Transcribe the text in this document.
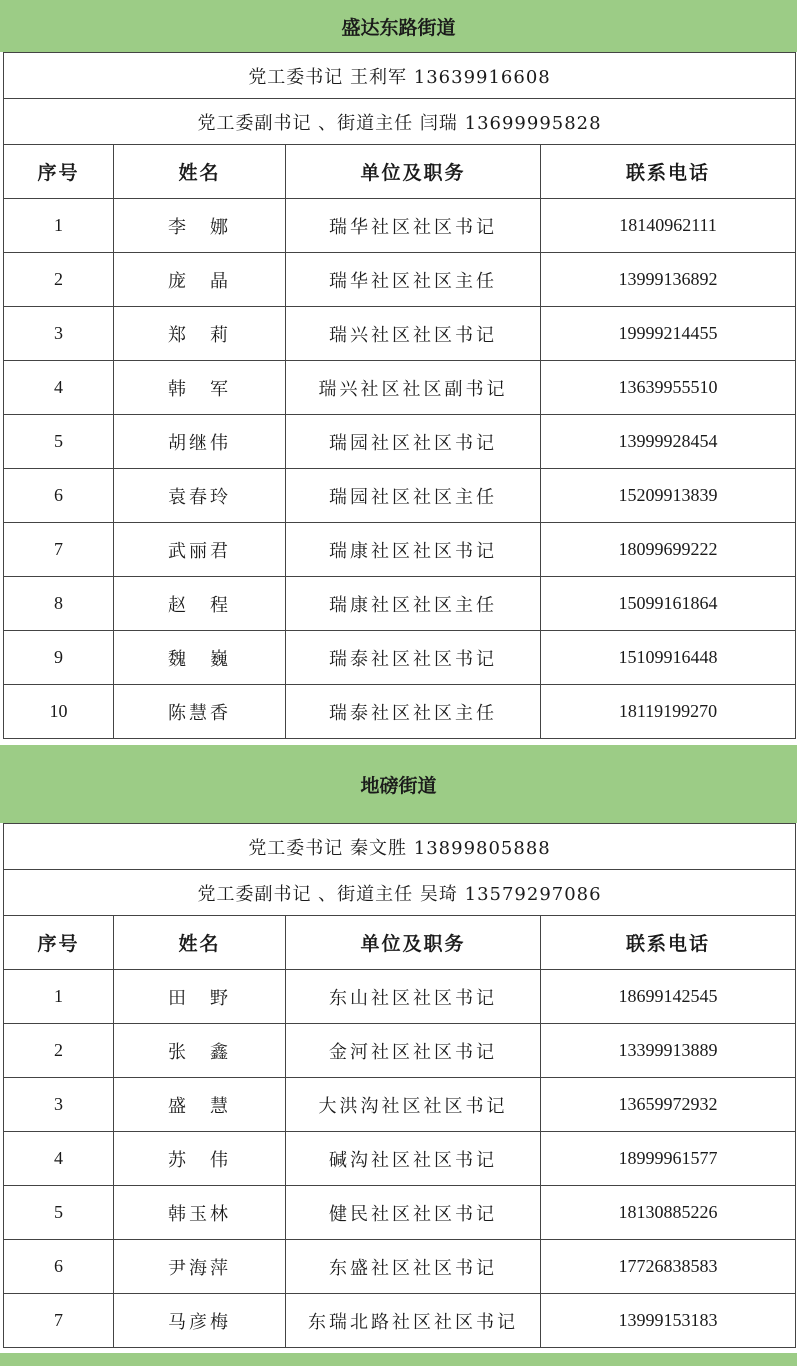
盛达东路街道
党工委书记 王利军 13639916608			
党工委副书记 、街道主任 闫瑞 13699995828			
序号	姓名	单位及职务	联系电话
1	李　娜	瑞华社区社区书记	18140962111
2	庞　晶	瑞华社区社区主任	13999136892
3	郑　莉	瑞兴社区社区书记	19999214455
4	韩　军	瑞兴社区社区副书记	13639955510
5	胡继伟	瑞园社区社区书记	13999928454
6	袁春玲	瑞园社区社区主任	15209913839
7	武丽君	瑞康社区社区书记	18099699222
8	赵　程	瑞康社区社区主任	15099161864
9	魏　巍	瑞泰社区社区书记	15109916448
10	陈慧香	瑞泰社区社区主任	18119199270
地磅街道
党工委书记 秦文胜 13899805888			
党工委副书记 、街道主任 吴琦 13579297086			
序号	姓名	单位及职务	联系电话
1	田　野	东山社区社区书记	18699142545
2	张　鑫	金河社区社区书记	13399913889
3	盛　慧	大洪沟社区社区书记	13659972932
4	苏　伟	碱沟社区社区书记	18999961577
5	韩玉林	健民社区社区书记	18130885226
6	尹海萍	东盛社区社区书记	17726838583
7	马彦梅	东瑞北路社区社区书记	13999153183
